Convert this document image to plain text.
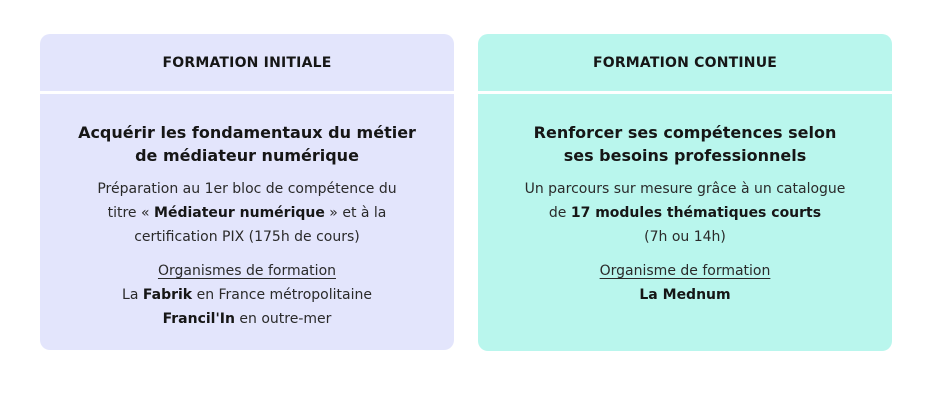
FORMATION INITIALE
Acquérir les fondamentaux du métier
de médiateur numérique
Préparation au 1er bloc de compétence du
titre « Médiateur numérique » et à la
certification PIX (175h de cours)
Organismes de formation
La Fabrik en France métropolitaine
Francil'In en outre-mer
FORMATION CONTINUE
Renforcer ses compétences selon
ses besoins professionnels
Un parcours sur mesure grâce à un catalogue
de 17 modules thématiques courts
(7h ou 14h)
Organisme de formation
La Mednum
